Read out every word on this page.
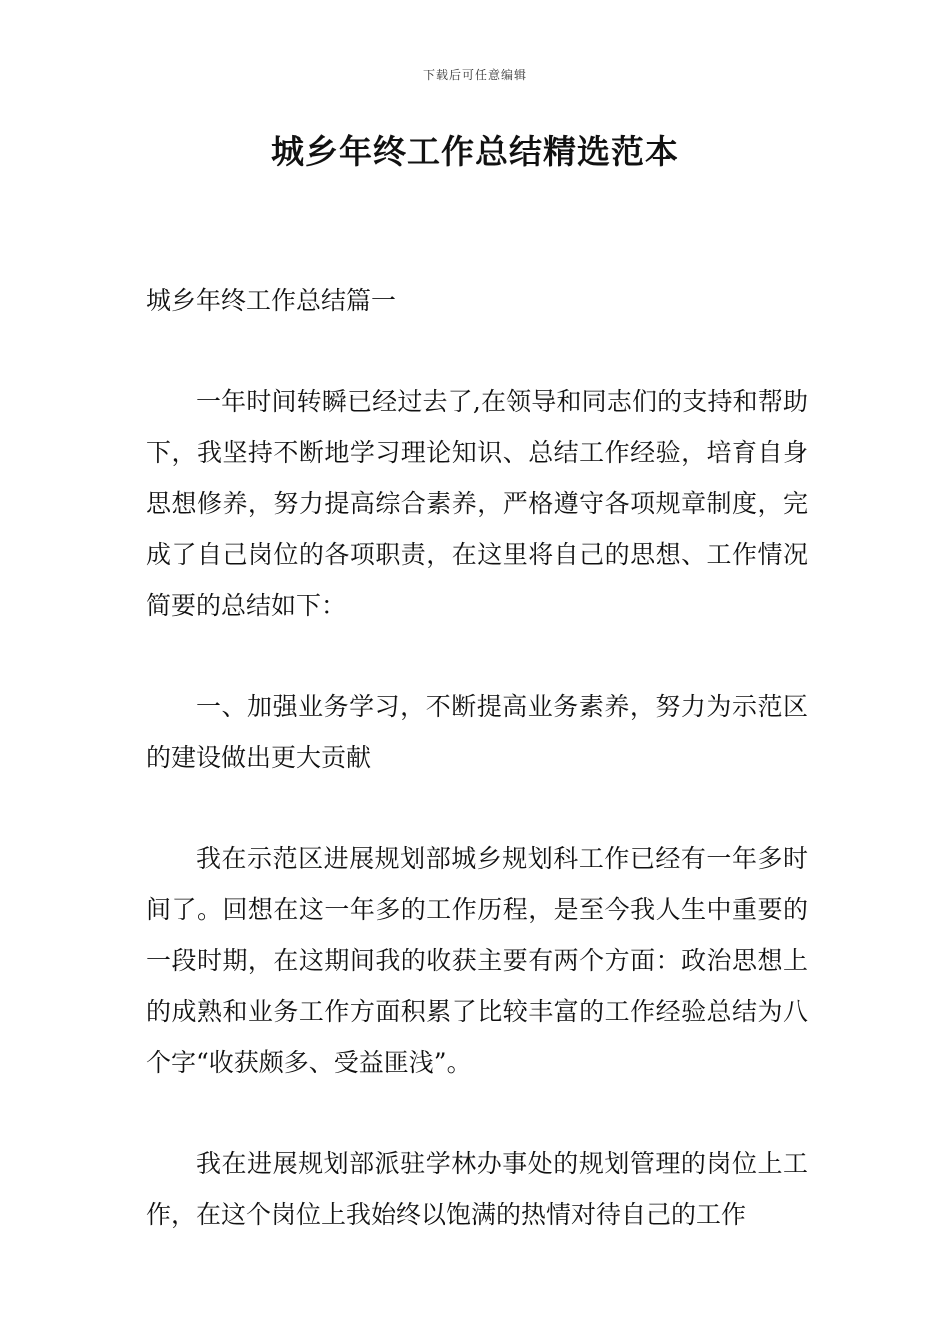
下载后可任意编辑
城乡年终工作总结精选范本

城乡年终工作总结篇一

一年时间转瞬已经过去了,在领导和同志们的支持和帮助下，我坚持不断地学习理论知识、总结工作经验，培育自身思想修养，努力提高综合素养，严格遵守各项规章制度，完成了自己岗位的各项职责，在这里将自己的思想、工作情况简要的总结如下：

一、加强业务学习，不断提高业务素养，努力为示范区的建设做出更大贡献

我在示范区进展规划部城乡规划科工作已经有一年多时间了。回想在这一年多的工作历程，是至今我人生中重要的一段时期，在这期间我的收获主要有两个方面：政治思想上的成熟和业务工作方面积累了比较丰富的工作经验总结为八个字“收获颇多、受益匪浅”。

我在进展规划部派驻学林办事处的规划管理的岗位上工作，在这个岗位上我始终以饱满的热情对待自己的工作
